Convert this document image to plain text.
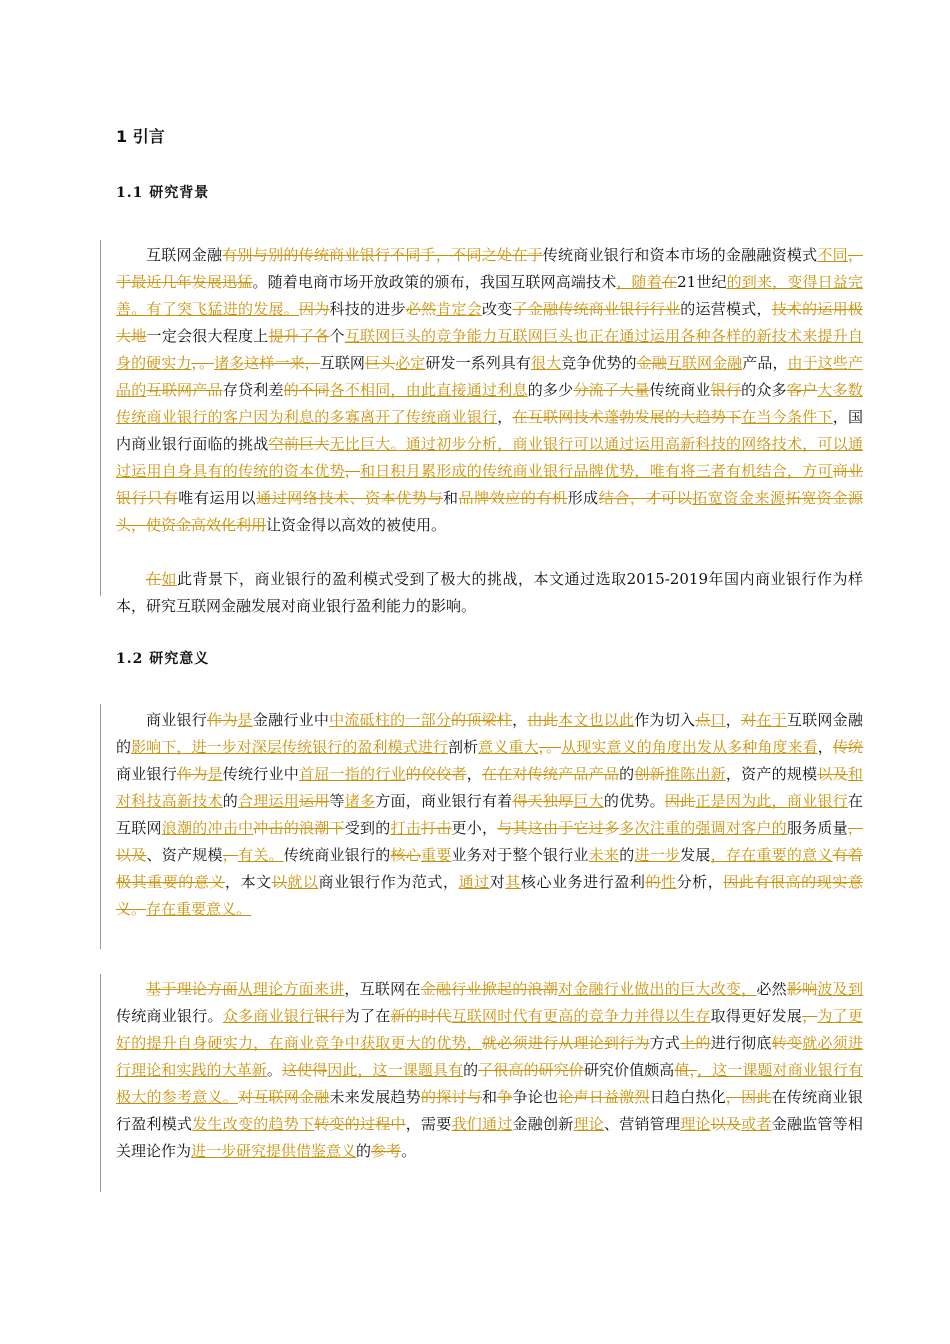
1 引言
1.1 研究背景

互联网金融有别与别的传统商业银行不同手，不同之处在于传统商业银行和资本市场的金融融资模式不同，于最近几年发展迅猛。随着电商市场开放政策的颁布，我国互联网高端技术，随着在21世纪的到来，变得日益完善。有了突飞猛进的发展。因为科技的进步必然肯定会改变了金融传统商业银行行业的运营模式，技术的运用极大地一定会很大程度上提升了各个互联网巨头的竞争能力互联网巨头也正在通过运用各种各样的新技术来提升自身的硬实力，。诸多这样一来，互联网巨头必定研发一系列具有很大竞争优势的金融互联网金融产品，由于这些产品的互联网产品存贷利差的不同各不相同，由此直接通过利息的多少分流了大量传统商业银行的众多客户大多数传统商业银行的客户因为利息的多寡离开了传统商业银行，在互联网技术蓬勃发展的大趋势下在当今条件下，国内商业银行面临的挑战空前巨大无比巨大。通过初步分析，商业银行可以通过运用高新科技的网络技术，可以通过运用自身具有的传统的资本优势，和日积月累形成的传统商业银行品牌优势，唯有将三者有机结合，方可商业银行只有唯有运用以通过网络技术、资本优势与和品牌效应的有机形成结合，才可以拓宽资金来源拓宽资金源头，使资金高效化利用让资金得以高效的被使用。

在如此背景下，商业银行的盈利模式受到了极大的挑战，本文通过选取2015-2019年国内商业银行作为样本，研究互联网金融发展对商业银行盈利能力的影响。

1.2 研究意义

商业银行作为是金融行业中中流砥柱的一部分的顶梁柱，由此本文也以此作为切入点口，对在于互联网金融的影响下，进一步对深层传统银行的盈利模式进行剖析意义重大，。从现实意义的角度出发从多种角度来看，传统商业银行作为是传统行业中首屈一指的行业的佼佼者，在在对传统产品产品的创新推陈出新，资产的规模以及和对科技高新技术的合理运用运用等诸多方面，商业银行有着得天独厚巨大的优势。因此正是因为此，商业银行在互联网浪潮的冲击中冲击的浪潮下受到的打击打击更小，与其这由于它过多多次注重的强调对客户的服务质量，以及、资产规模，有关。传统商业银行的核心重要业务对于整个银行业未来的进一步发展，存在重要的意义有着极其重要的意义，本文以就以商业银行作为范式，通过对其核心业务进行盈利的性分析，因此有很高的现实意义。存在重要意义。

基于理论方面从理论方面来讲，互联网在金融行业掀起的浪潮对金融行业做出的巨大改变，必然影响波及到传统商业银行。众多商业银行银行为了在新的时代互联网时代有更高的竞争力并得以生存取得更好发展，为了更好的提升自身硬实力，在商业竞争中获取更大的优势，就必须进行从理论到行为方式上的进行彻底转变就必须进行理论和实践的大革新。这使得因此，这一课题具有的了很高的研究价研究价值颇高值，，这一课题对商业银行有极大的参考意义。对互联网金融未来发展趋势的探讨与和争争论也论声日益激烈日趋白热化，因此在传统商业银行盈利模式发生改变的趋势下转变的过程中，需要我们通过金融创新理论、营销管理理论以及或者金融监管等相关理论作为进一步研究提供借鉴意义的参考。
